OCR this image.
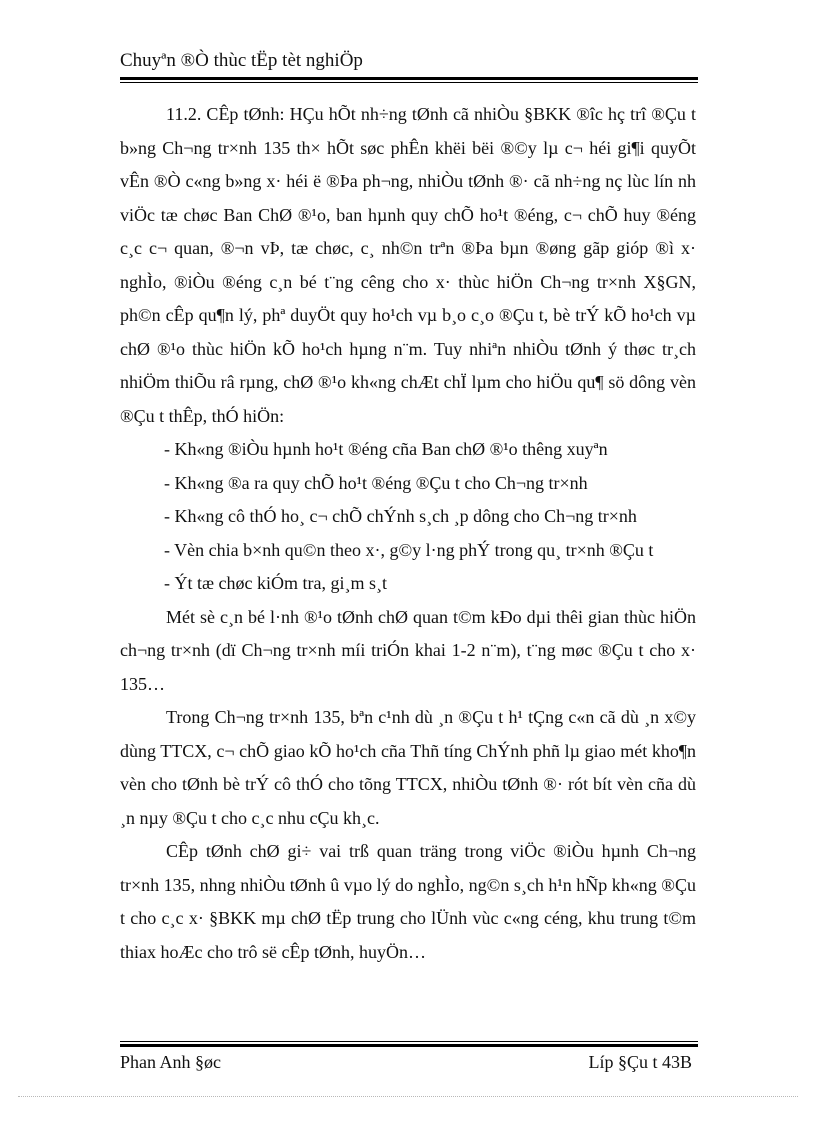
Chuyªn ®Ò thùc tËp tèt nghiÖp

11.2. CÊp tØnh: HÇu hÕt nh÷ng tØnh cã nhiÒu §BKK ®îc hç trî ®Çu t b»ng Ch¬ng tr×nh 135 th× hÕt søc phÊn khëi bëi ®©y lµ c¬ héi gi¶i quyÕt vÊn ®Ò c«ng b»ng x· héi ë ®Þa ph¬ng, nhiÒu tØnh ®· cã nh÷ng nç lùc lín nh viÖc tæ chøc Ban ChØ ®¹o, ban hµnh quy chÕ ho¹t ®éng, c¬ chÕ huy ®éng c¸c c¬ quan, ®¬n vÞ, tæ chøc, c¸ nh©n trªn ®Þa bµn ®øng gãp gióp ®ì x· nghÌo, ®iÒu ®éng c¸n bé t¨ng cêng cho x· thùc hiÖn Ch¬ng tr×nh X§GN, ph©n cÊp qu¶n lý, phª duyÖt quy ho¹ch vµ b¸o c¸o ®Çu t, bè trÝ kÕ ho¹ch vµ chØ ®¹o thùc hiÖn kÕ ho¹ch hµng n¨m. Tuy nhiªn nhiÒu tØnh ý thøc tr¸ch nhiÖm thiÕu râ rµng, chØ ®¹o kh«ng chÆt chÏ lµm cho hiÖu qu¶ sö dông vèn ®Çu t thÊp, thÓ hiÖn:

- Kh«ng ®iÒu hµnh ho¹t ®éng cña Ban chØ ®¹o thêng xuyªn
- Kh«ng ®a ra quy chÕ ho¹t ®éng ®Çu t cho Ch¬ng tr×nh
- Kh«ng cô thÓ ho¸ c¬ chÕ chÝnh s¸ch ¸p dông cho Ch¬ng tr×nh
- Vèn chia b×nh qu©n theo x·, g©y l·ng phÝ trong qu¸ tr×nh ®Çu t
- Ýt tæ chøc kiÓm tra, gi¸m s¸t

Mét sè c¸n bé l·nh ®¹o tØnh chØ quan t©m kÐo dµi thêi gian thùc hiÖn ch¬ng tr×nh (dï Ch¬ng tr×nh míi triÓn khai 1-2 n¨m), t¨ng møc ®Çu t cho x· 135…

Trong Ch¬ng tr×nh 135, bªn c¹nh dù ¸n ®Çu t h¹ tÇng c«n cã dù ¸n x©y dùng TTCX, c¬ chÕ giao kÕ ho¹ch cña Thñ tíng ChÝnh phñ lµ giao mét kho¶n vèn cho tØnh bè trÝ cô thÓ cho tõng TTCX, nhiÒu tØnh ®· rót bít vèn cña dù ¸n nµy ®Çu t cho c¸c nhu cÇu kh¸c.

CÊp tØnh chØ gi÷ vai trß quan träng trong viÖc ®iÒu hµnh Ch¬ng tr×nh 135, nhng nhiÒu tØnh û vµo lý do nghÌo, ng©n s¸ch h¹n hÑp kh«ng ®Çu t cho c¸c x· §BKK mµ chØ tËp trung cho lÜnh vùc c«ng céng, khu trung t©m thiax hoÆc cho trô së cÊp tØnh, huyÖn…

Phan Anh §øc	Líp §Çu t 43B
